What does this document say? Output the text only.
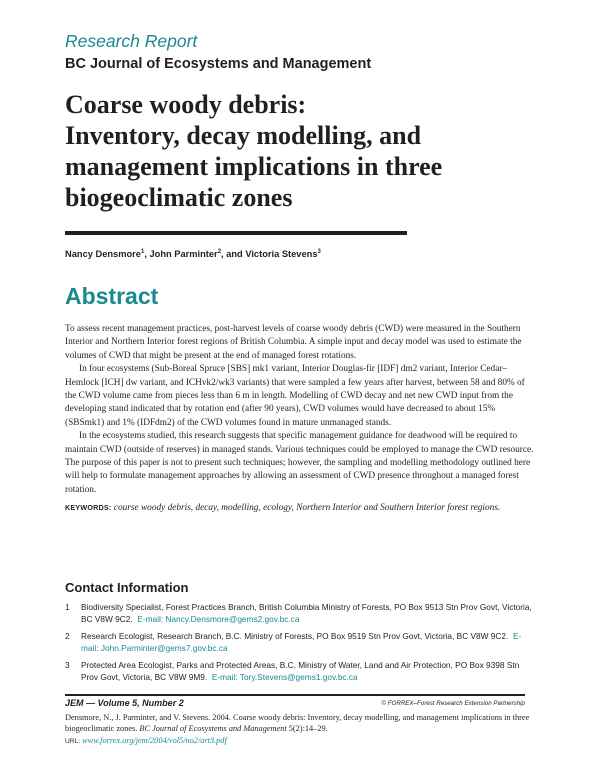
Research Report
BC Journal of Ecosystems and Management
Coarse woody debris:
Inventory, decay modelling, and
management implications in three
biogeoclimatic zones
Nancy Densmore$^1$, John Parminter$^2$, and Victoria Stevens$^3$
Abstract

To assess recent management practices, post-harvest levels of coarse woody debris (CWD) were measured in the Southern Interior and Northern Interior forest regions of British Columbia. A simple input and decay model was used to estimate the volumes of CWD that might be present at the end of managed forest rotations.

In four ecosystems (Sub-Boreal Spruce [SBS] mk1 variant, Interior Douglas-fir [IDF] dm2 variant, Interior Cedar–Hemlock [ICH] dw variant, and ICHvk2/wk3 variants) that were sampled a few years after harvest, between 58 and 80% of the CWD volume came from pieces less than 6 m in length. Modelling of CWD decay and net new CWD input from the developing stand indicated that by rotation end (after 90 years), CWD volumes would have decreased to about 15% (SBSmk1) and 1% (IDFdm2) of the CWD volumes found in mature unmanaged stands.

In the ecosystems studied, this research suggests that specific management guidance for deadwood will be required to maintain CWD (outside of reserves) in managed stands. Various techniques could be employed to manage the CWD resource. The purpose of this paper is not to present such techniques; however, the sampling and modelling methodology outlined here will help to formulate management approaches by allowing an assessment of CWD presence throughout a managed forest rotation.

KEYWORDS: course woody debris, decay, modelling, ecology, Northern Interior and Southern Interior forest regions.

Contact Information
1	Biodiversity Specialist, Forest Practices Branch, British Columbia Ministry of Forests, PO Box 9513 Stn Prov Govt, Victoria, BC V8W 9C2. E-mail: Nancy.Densmore@gems2.gov.bc.ca
2	Research Ecologist, Research Branch, B.C. Ministry of Forests, PO Box 9519 Stn Prov Govt, Victoria, BC V8W 9C2. E-mail: John.Parminter@gems7.gov.bc.ca
3	Protected Area Ecologist, Parks and Protected Areas, B.C. Ministry of Water, Land and Air Protection, PO Box 9398 Stn Prov Govt, Victoria, BC V8W 9M9. E-mail: Tory.Stevens@gems1.gov.bc.ca
JEM — Volume 5, Number 2	© FORREX–Forest Research Extension Partnership
Densmore, N., J. Parminter, and V. Stevens. 2004. Coarse woody debris: Inventory, decay modelling, and management implications in three biogeoclimatic zones. BC Journal of Ecosystems and Management 5(2):14–29.
URL: www.forrex.org/jem/2004/vol5/no2/art3.pdf
